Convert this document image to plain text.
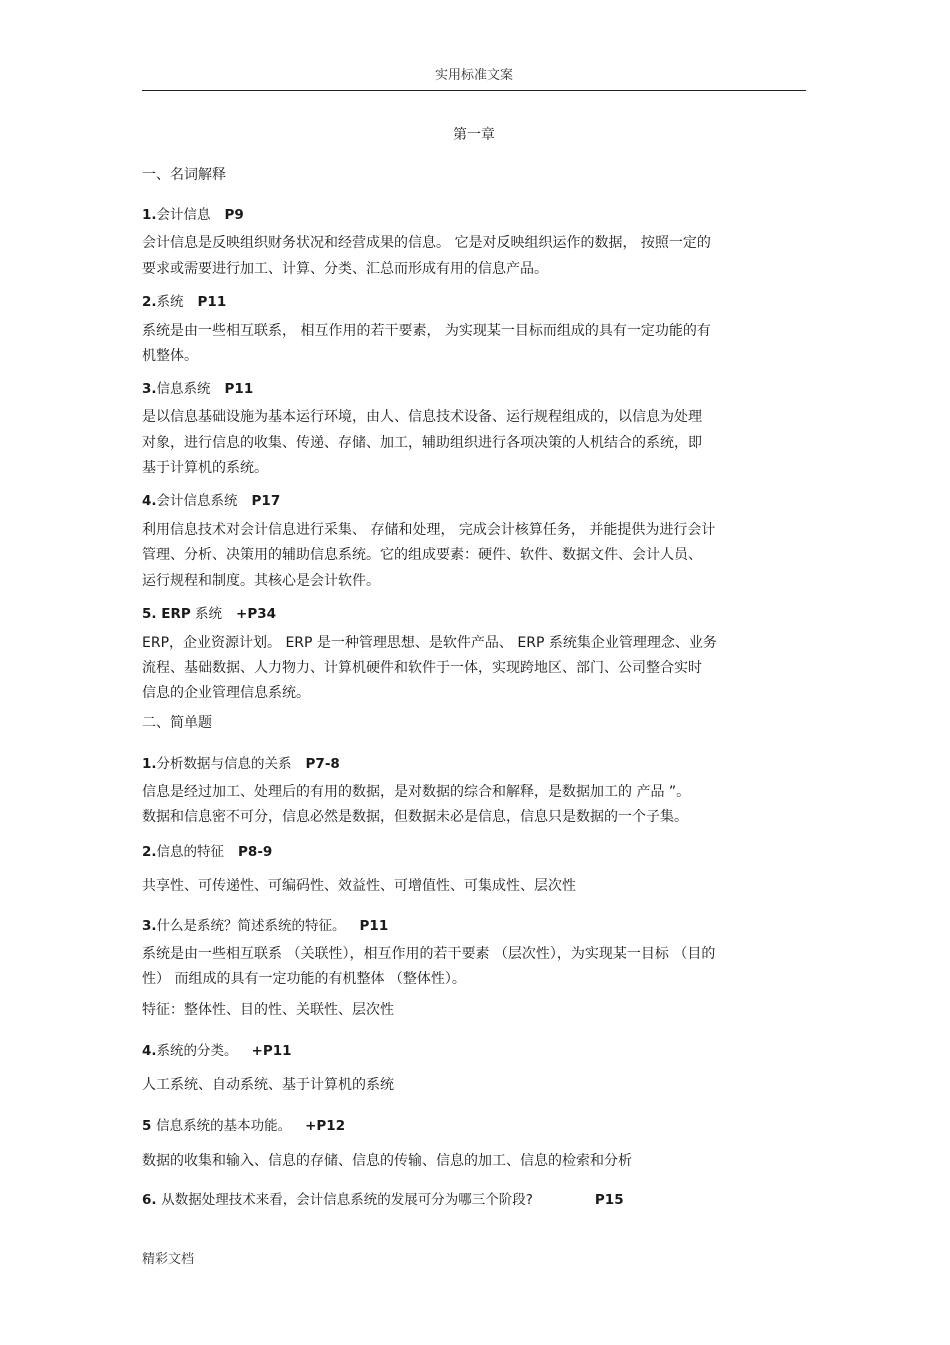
实用标准文案
第一章
一、名词解释
1.会计信息 P9
会计信息是反映组织财务状况和经营成果的信息。 它是对反映组织运作的数据， 按照一定的
要求或需要进行加工、计算、分类、汇总而形成有用的信息产品。
2.系统 P11
系统是由一些相互联系， 相互作用的若干要素， 为实现某一目标而组成的具有一定功能的有
机整体。
3.信息系统 P11
是以信息基础设施为基本运行环境，由人、信息技术设备、运行规程组成的，以信息为处理
对象，进行信息的收集、传递、存储、加工，辅助组织进行各项决策的人机结合的系统，即
基于计算机的系统。
4.会计信息系统 P17
利用信息技术对会计信息进行采集、 存储和处理， 完成会计核算任务， 并能提供为进行会计
管理、分析、决策用的辅助信息系统。它的组成要素：硬件、软件、数据文件、会计人员、
运行规程和制度。其核心是会计软件。
5. ERP 系统 +P34
ERP，企业资源计划。 ERP 是一种管理思想、是软件产品、 ERP 系统集企业管理理念、业务
流程、基础数据、人力物力、计算机硬件和软件于一体，实现跨地区、部门、公司整合实时
信息的企业管理信息系统。
二、简单题
1.分析数据与信息的关系 P7-8
信息是经过加工、处理后的有用的数据，是对数据的综合和解释，是数据加工的 产品 ”。
数据和信息密不可分，信息必然是数据，但数据未必是信息，信息只是数据的一个子集。
2.信息的特征 P8-9
共享性、可传递性、可编码性、效益性、可增值性、可集成性、层次性
3.什么是系统？简述系统的特征。 P11
系统是由一些相互联系 （关联性），相互作用的若干要素 （层次性），为实现某一目标 （目的
性） 而组成的具有一定功能的有机整体 （整体性）。
特征：整体性、目的性、关联性、层次性
4.系统的分类。 +P11
人工系统、自动系统、基于计算机的系统
5 信息系统的基本功能。 +P12
数据的收集和输入、信息的存储、信息的传输、信息的加工、信息的检索和分析
6. 从数据处理技术来看，会计信息系统的发展可分为哪三个阶段?	P15
精彩文档
